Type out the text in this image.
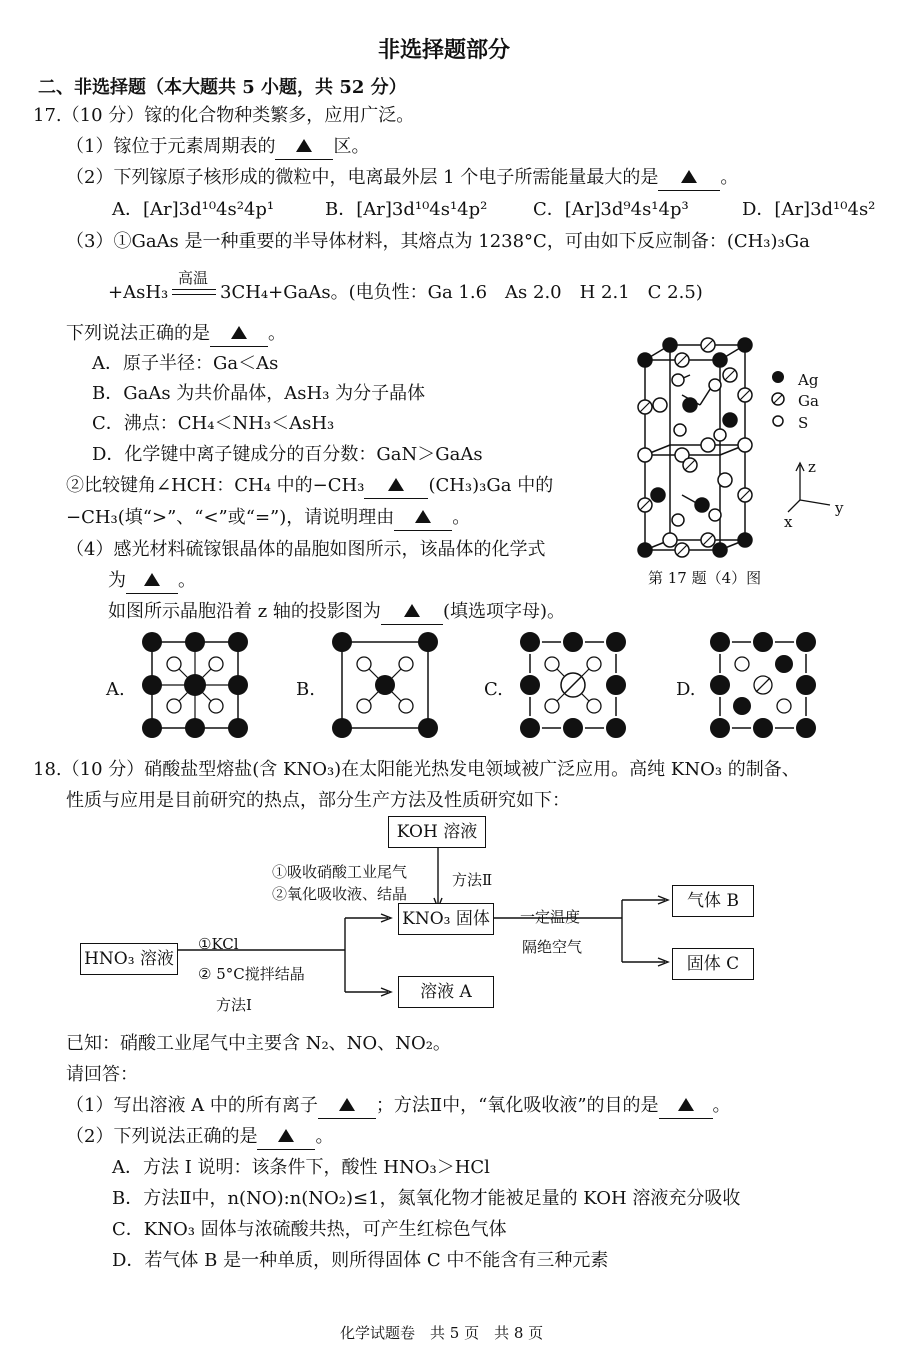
非选择题部分
二、非选择题（本大题共 5 小题，共 52 分）
17.（10 分）镓的化合物种类繁多，应用广泛。
（1）镓位于元素周期表的	区。
（2）下列镓原子核形成的微粒中，电离最外层 1 个电子所需能量最大的是	。
A．[Ar]3d¹⁰4s²4p¹	B．[Ar]3d¹⁰4s¹4p²	C．[Ar]3d⁹4s¹4p³	D．[Ar]3d¹⁰4s²
（3）①GaAs 是一种重要的半导体材料，其熔点为 1238°C，可由如下反应制备：(CH₃)₃Ga
+AsH₃
高温
3CH₄+GaAs。(电负性：Ga 1.6　As 2.0　H 2.1　C 2.5)
下列说法正确的是	。
A．原子半径：Ga＜As
B．GaAs 为共价晶体，AsH₃ 为分子晶体
C．沸点：CH₄＜NH₃＜AsH₃
D．化学键中离子键成分的百分数：GaN＞GaAs
②比较键角∠HCH：CH₄ 中的−CH₃	(CH₃)₃Ga 中的
−CH₃(填“>”、“<”或“=”)，请说明理由	。
（4）感光材料硫镓银晶体的晶胞如图所示，该晶体的化学式
为	。
如图所示晶胞沿着 z 轴的投影图为	(填选项字母)。
Ag
Ga
S
z
y
x
第 17 题（4）图
A.	B.	C.	D.
18.（10 分）硝酸盐型熔盐(含 KNO₃)在太阳能光热发电领域被广泛应用。高纯 KNO₃ 的制备、
性质与应用是目前研究的热点，部分生产方法及性质研究如下：
KOH 溶液
①吸收硝酸工业尾气
②氧化吸收液、结晶
方法Ⅱ
KNO₃ 固体
HNO₃ 溶液
①KCl
② 5°C搅拌结晶
方法Ⅰ
溶液 A
一定温度
隔绝空气
气体 B
固体 C
已知：硝酸工业尾气中主要含 N₂、NO、NO₂。
请回答：
（1）写出溶液 A 中的所有离子	；方法Ⅱ中，“氧化吸收液”的目的是	。
（2）下列说法正确的是	。
A．方法 I 说明：该条件下，酸性 HNO₃＞HCl
B．方法Ⅱ中，n(NO):n(NO₂)≤1，氮氧化物才能被足量的 KOH 溶液充分吸收
C．KNO₃ 固体与浓硫酸共热，可产生红棕色气体
D．若气体 B 是一种单质，则所得固体 C 中不能含有三种元素
化学试题卷　共 5 页　共 8 页
